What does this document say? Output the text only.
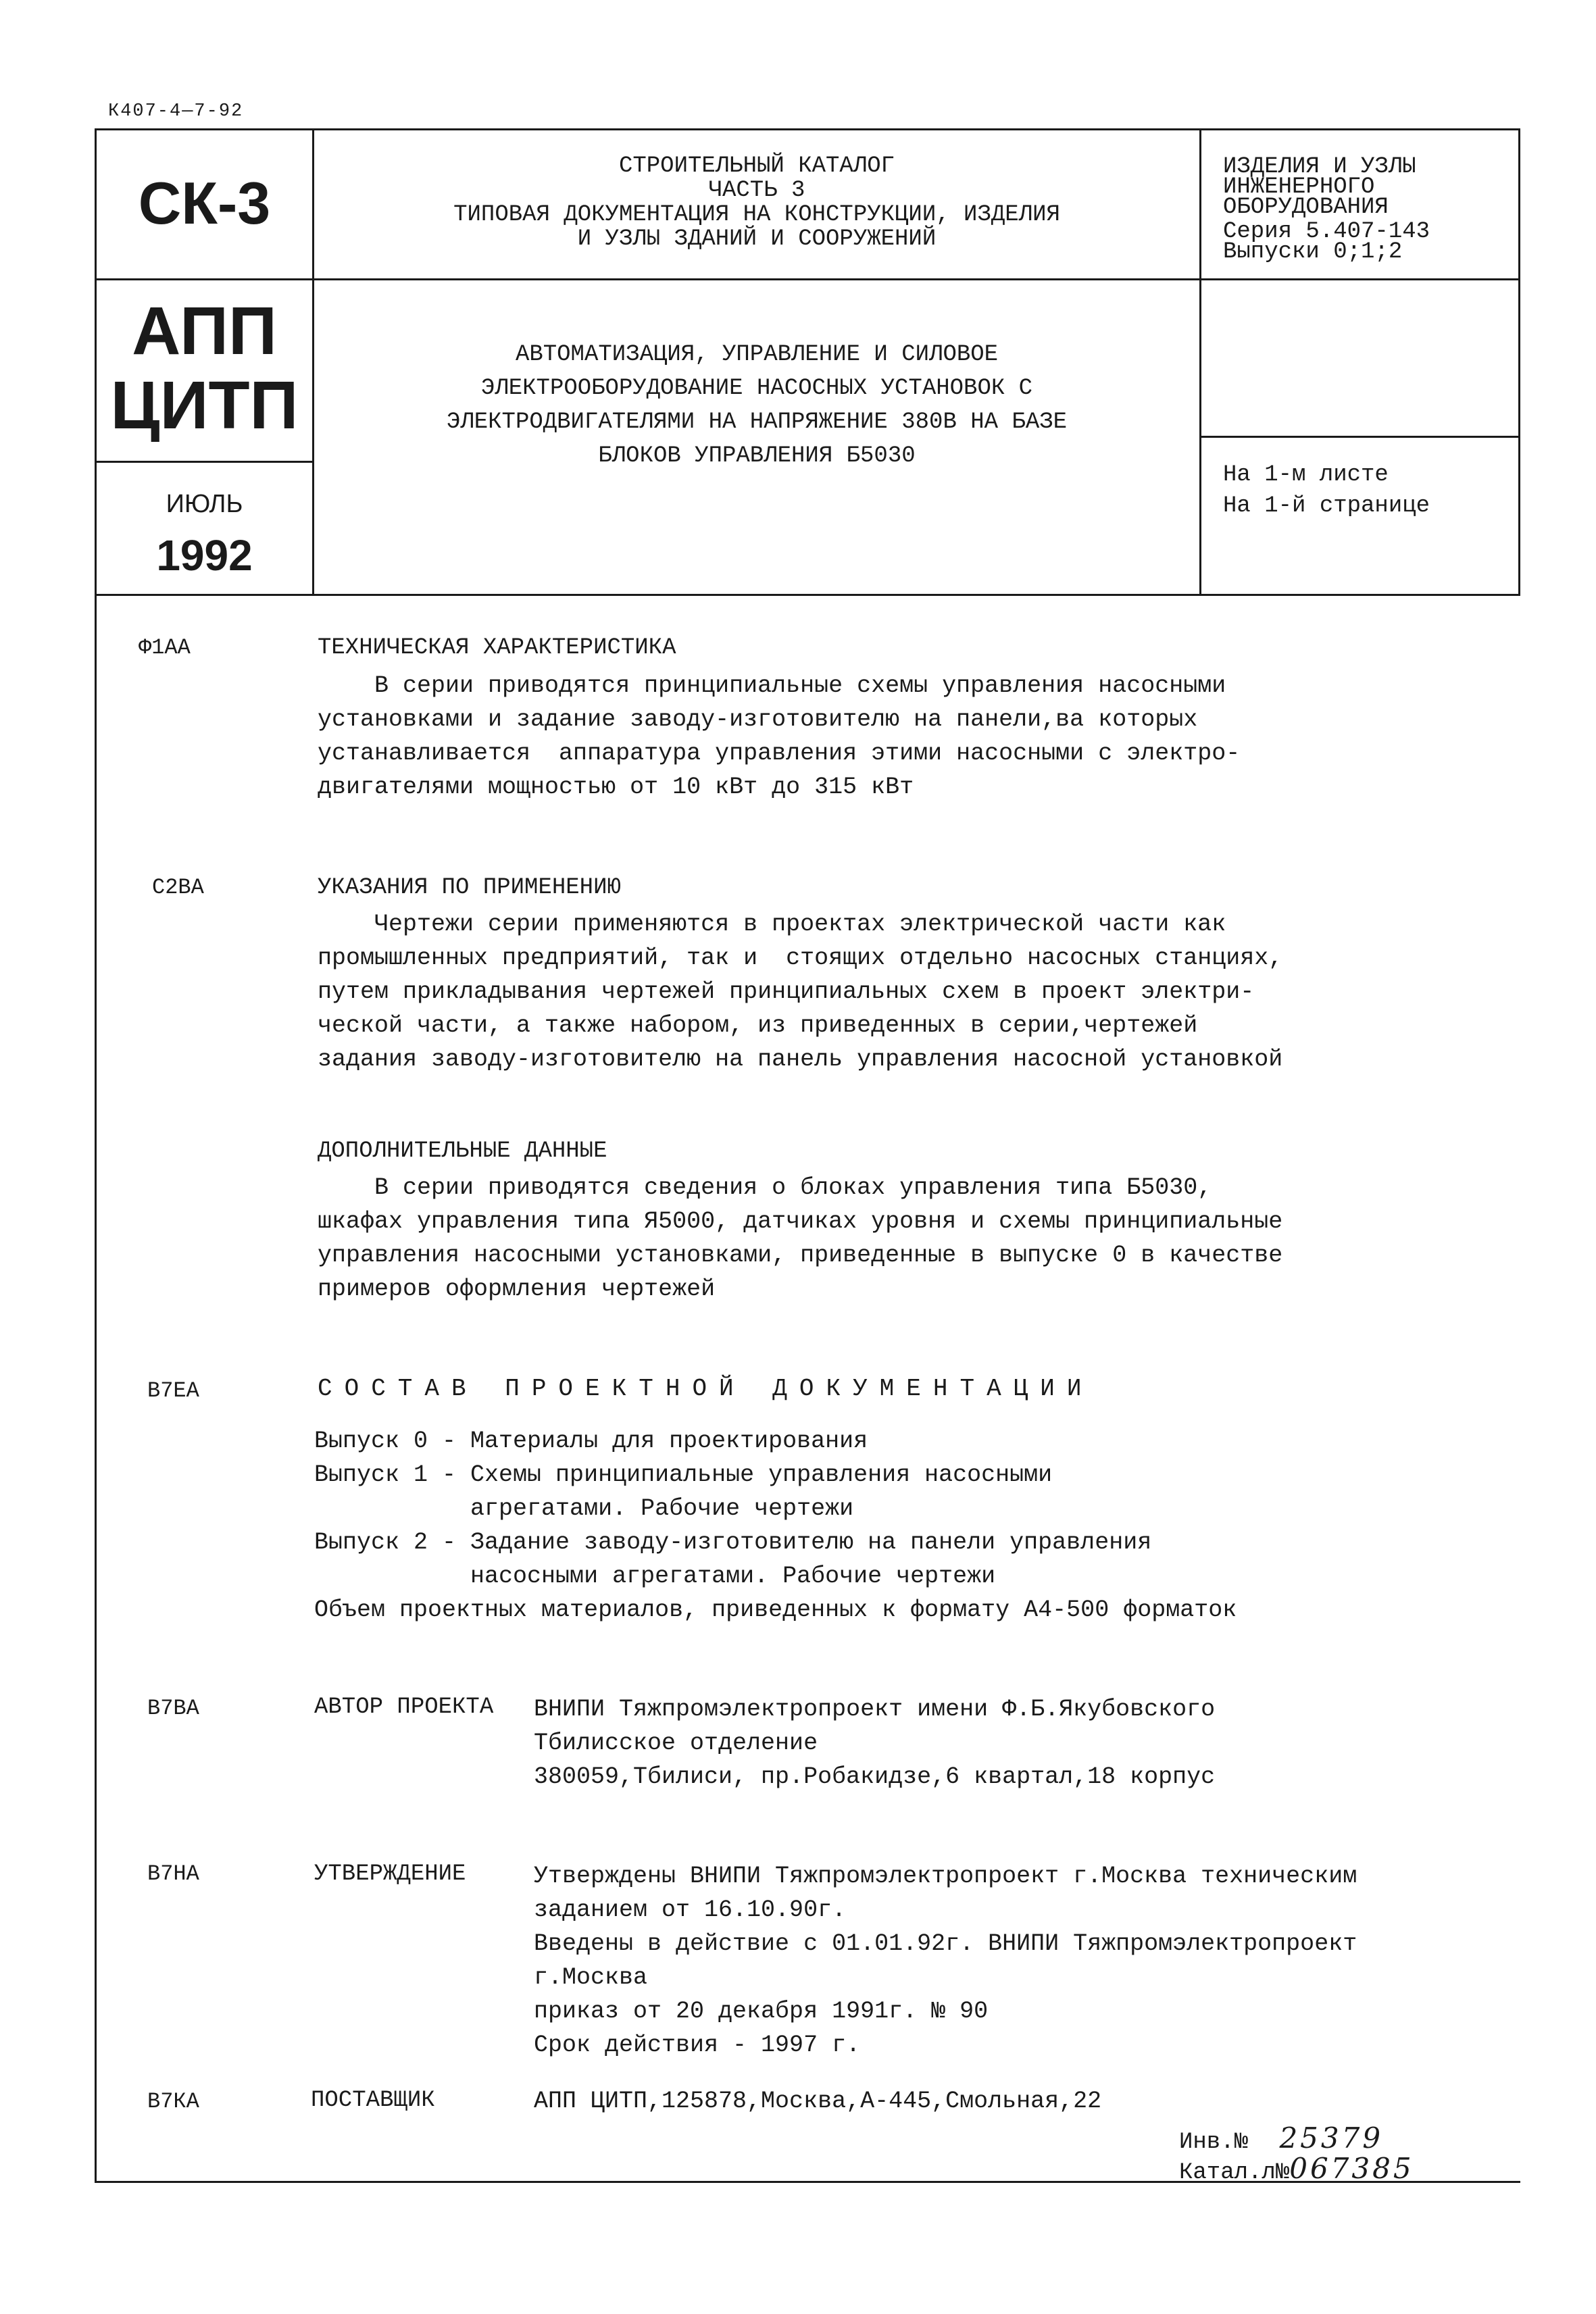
К407-4—7-92
СК-3
АПП
ЦИТП
ИЮЛЬ
1992
СТРОИТЕЛЬНЫЙ КАТАЛОГ
ЧАСТЬ 3
ТИПОВАЯ ДОКУМЕНТАЦИЯ НА КОНСТРУКЦИИ, ИЗДЕЛИЯ
И УЗЛЫ ЗДАНИЙ И СООРУЖЕНИЙ
ИЗДЕЛИЯ И УЗЛЫ
ИНЖЕНЕРНОГО
ОБОРУДОВАНИЯ
Серия 5.407-143
Выпуски 0;1;2
АВТОМАТИЗАЦИЯ, УПРАВЛЕНИЕ И СИЛОВОЕ
ЭЛЕКТРООБОРУДОВАНИЕ НАСОСНЫХ УСТАНОВОК С
ЭЛЕКТРОДВИГАТЕЛЯМИ НА НАПРЯЖЕНИЕ 380В НА БАЗЕ
БЛОКОВ УПРАВЛЕНИЯ Б5030
На 1-м листе
На 1-й странице
Ф1АА	ТЕХНИЧЕСКАЯ ХАРАКТЕРИСТИКА
В серии приводятся принципиальные схемы управления насосными
установками и задание заводу-изготовителю на панели,ва которых
устанавливается  аппаратура управления этими насосными с электро-
двигателями мощностью от 10 кВт до 315 кВт
С2ВА	УКАЗАНИЯ ПО ПРИМЕНЕНИЮ
Чертежи серии применяются в проектах электрической части как
промышленных предприятий, так и  стоящих отдельно насосных станциях,
путем прикладывания чертежей принципиальных схем в проект электри-
ческой части, а также набором, из приведенных в серии,чертежей
задания заводу-изготовителю на панель управления насосной установкой
ДОПОЛНИТЕЛЬНЫЕ ДАННЫЕ
В серии приводятся сведения о блоках управления типа Б5030,
шкафах управления типа Я5000, датчиках уровня и схемы принципиальные
управления насосными установками, приведенные в выпуске 0 в качестве
примеров оформления чертежей
В7ЕА	СОСТАВ ПРОЕКТНОЙ ДОКУМЕНТАЦИИ
Выпуск 0 - Материалы для проектирования
Выпуск 1 - Схемы принципиальные управления насосными
агрегатами. Рабочие чертежи
Выпуск 2 - Задание заводу-изготовителю на панели управления
насосными агрегатами. Рабочие чертежи
Объем проектных материалов, приведенных к формату А4-500 форматок
В7ВА	АВТОР ПРОЕКТА ВНИПИ Тяжпромэлектропроект имени Ф.Б.Якубовского
Тбилисское отделение
380059,Тбилиси, пр.Робакидзе,6 квартал,18 корпус
В7НА	УТВЕРЖДЕНИЕ	Утверждены ВНИПИ Тяжпромэлектропроект г.Москва техническим
заданием от 16.10.90г.
Введены в действие с 01.01.92г. ВНИПИ Тяжпромэлектропроект
г.Москва
приказ от 20 декабря 1991г. № 90
Срок действия - 1997 г.
В7КА	ПОСТАВЩИК	АПП ЦИТП,125878,Москва,А-445,Смольная,22
Инв.№ 25379
Катал.л№067385
